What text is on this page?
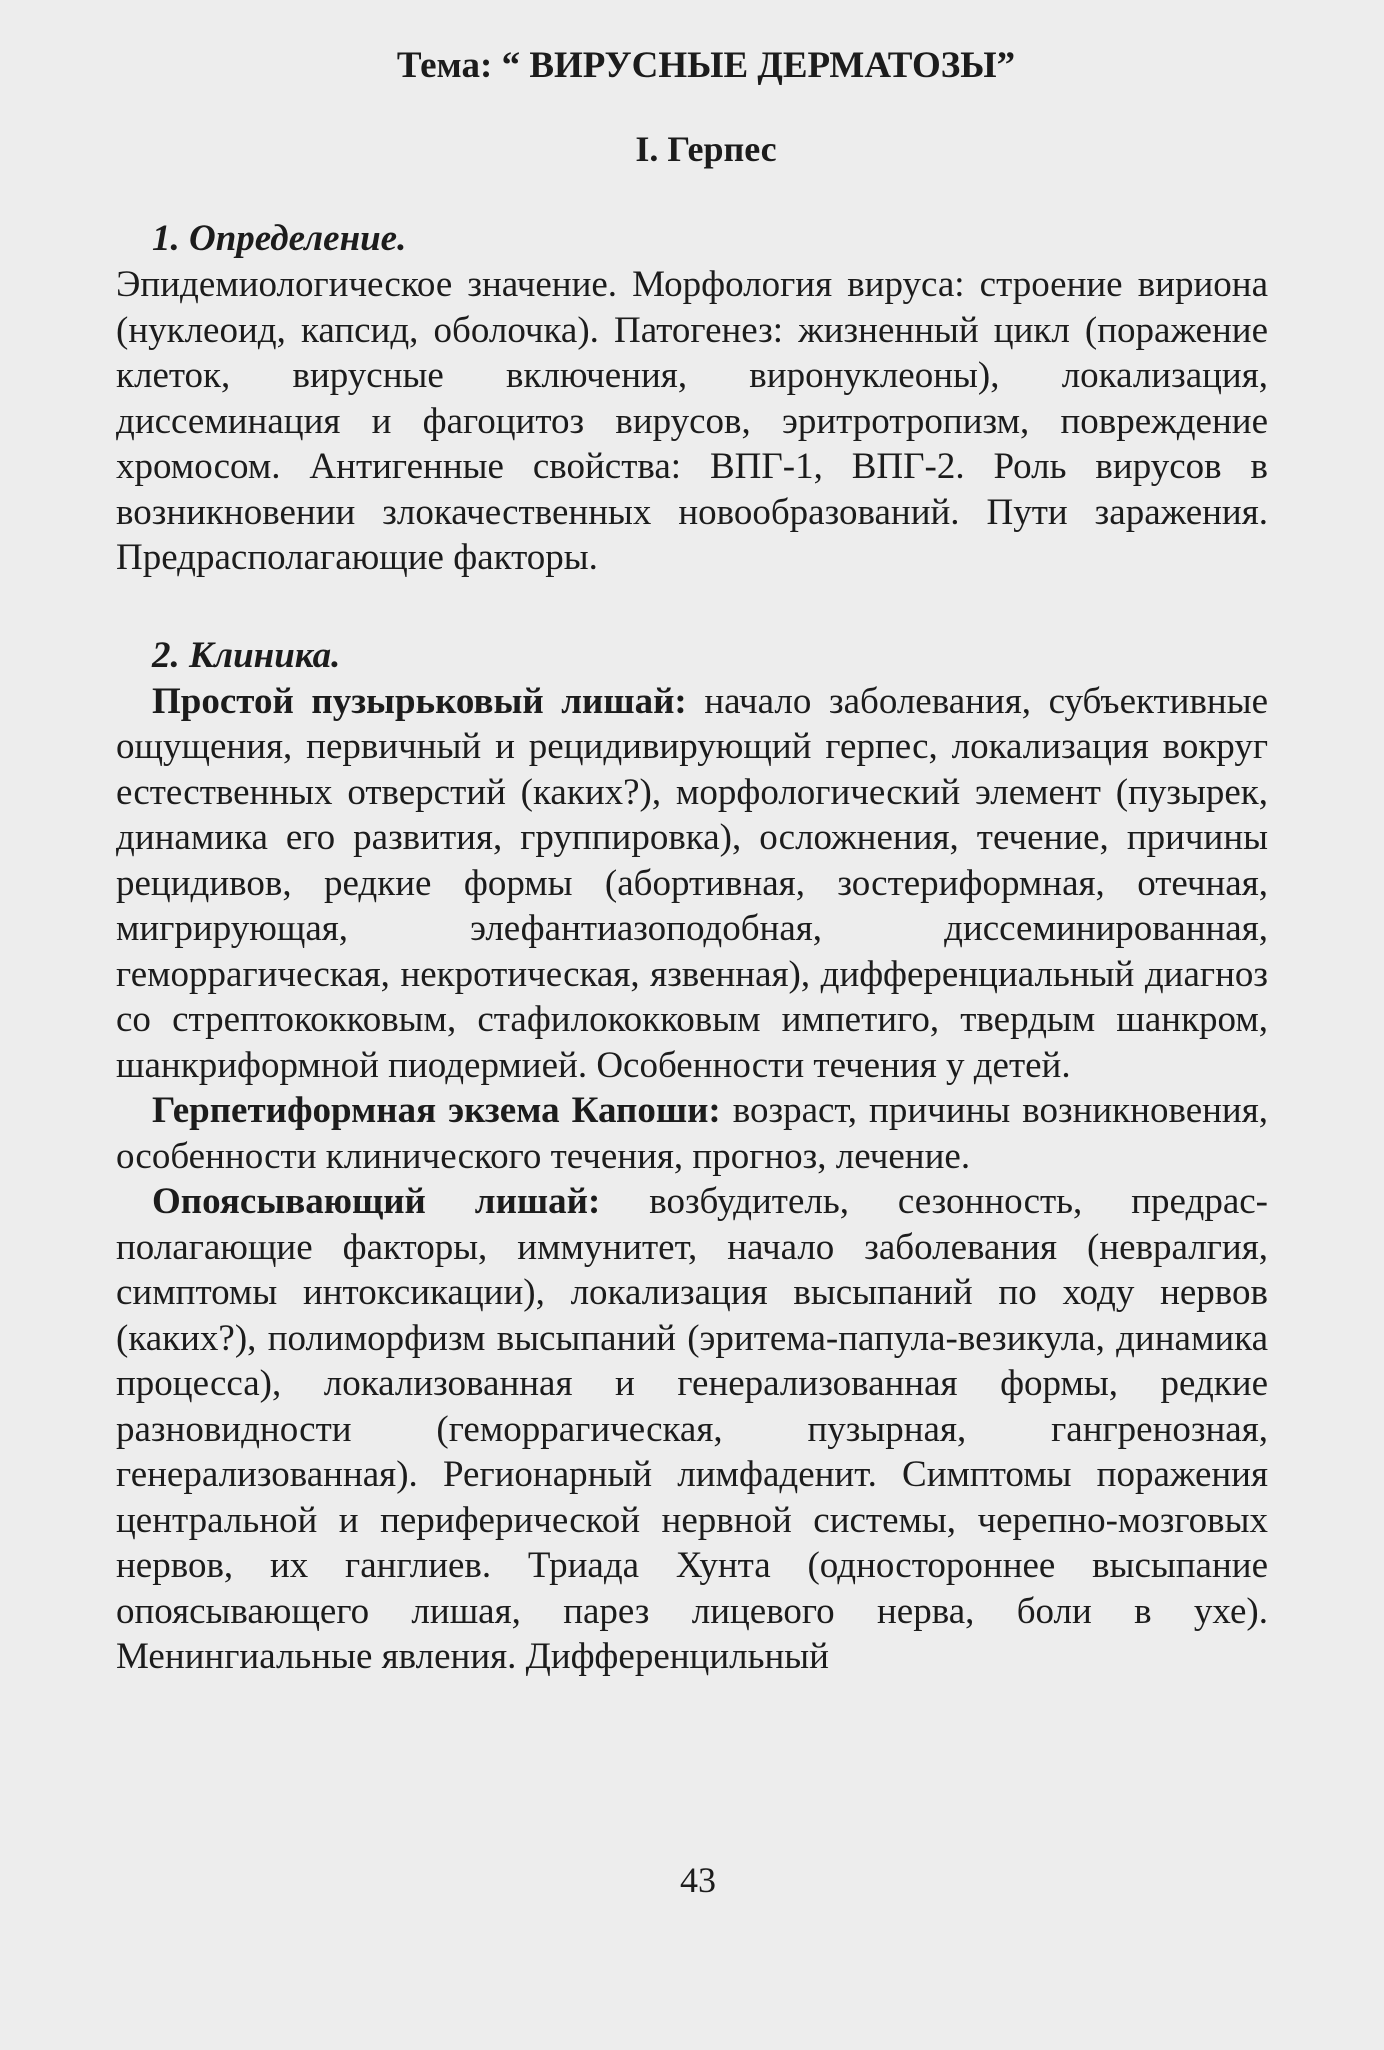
Тема: “ ВИРУСНЫЕ ДЕРМАТОЗЫ”
I. Герпес
1. Определение.

Эпидемиологическое значение. Морфология вируса: строение вириона (нуклеоид, капсид, оболочка). Патогенез: жизненный цикл (поражение клеток, вирусные включения, виронуклеоны), локализация, диссеминация и фагоцитоз вирусов, эритротропизм, повреждение хромосом. Антигенные свойства: ВПГ-1, ВПГ-2. Роль вирусов в возникновении злокачественных новообразований. Пути заражения. Предрасполагающие факторы.

2. Клиника.

Простой пузырьковый лишай: начало заболевания, субъективные ощущения, первичный и рецидивирующий герпес, локализация вокруг естественных отверстий (каких?), морфологический элемент (пузырек, динамика его развития, группировка), осложнения, течение, причины рецидивов, редкие формы (абортивная, зостериформная, отечная, мигрирующая, элефантиазоподобная, диссеминированная, геморрагическая, некротическая, язвенная), дифференциальный диагноз со стрептококковым, стафилококковым импетиго, твердым шанкром, шанкриформной пиодермией. Особенности течения у детей.

Герпетиформная экзема Капоши: возраст, причины возникновения, особенности клинического течения, прогноз, лечение.

Опоясывающий лишай: возбудитель, сезонность, предрасполагающие факторы, иммунитет, начало заболевания (невралгия, симптомы интоксикации), локализация высыпаний по ходу нервов (каких?), полиморфизм высыпаний (эритема-папула-везикула, динамика процесса), локализованная и генерализованная формы, редкие разновидности (геморрагическая, пузырная, гангренозная, генерализованная). Регионарный лимфаденит. Симптомы поражения центральной и периферической нервной системы, черепно-мозговых нервов, их ганглиев. Триада Хунта (одностороннее высыпание опоясывающего лишая, парез лицевого нерва, боли в ухе). Менингиальные явления. Дифференцильный

43
